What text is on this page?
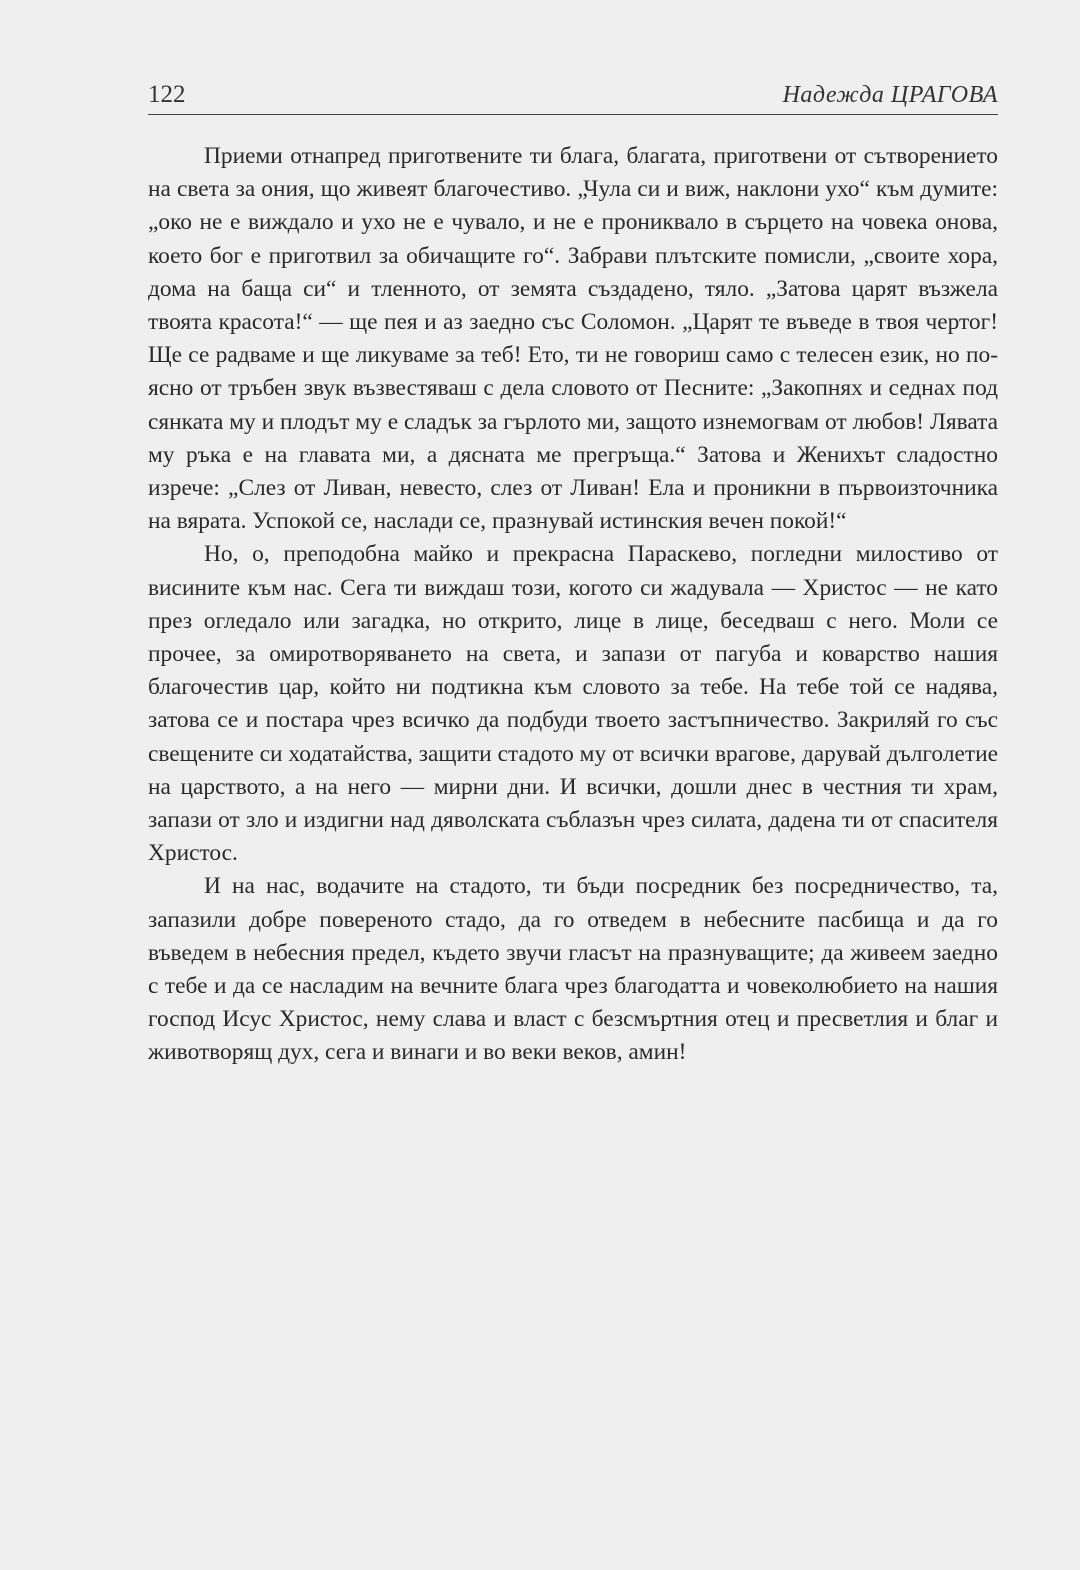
122	Надежда ЦРАГОВА

Приеми отнапред приготвените ти блага, благата, приготвени от сътворението на света за ония, що живеят благочестиво. „Чула си и виж, наклони ухо“ към думите: „око не е виждало и ухо не е чувало, и не е прониквало в сърцето на човека онова, което бог е приготвил за обичащите го“. Забрави плътските помисли, „своите хора, дома на баща си“ и тленното, от земята създадено, тяло. „Затова царят възжела твоята красота!“ — ще пея и аз заедно със Соломон. „Царят те въведе в твоя чертог! Ще се радваме и ще ликуваме за теб! Ето, ти не говориш само с телесен език, но по-ясно от тръбен звук възвестяваш с дела словото от Песните: „Закопнях и седнах под сянката му и плодът му е сладък за гърлото ми, защото изнемогвам от любов! Лявата му ръка е на главата ми, а дясната ме прегръща.“ Затова и Женихът сладостно изрече: „Слез от Ливан, невесто, слез от Ливан! Ела и проникни в първоизточника на вярата. Успокой се, наслади се, празнувай истинския вечен покой!“

Но, о, преподобна майко и прекрасна Параскево, погледни милостиво от висините към нас. Сега ти виждаш този, когото си жадувала — Христос — не като през огледало или загадка, но открито, лице в лице, беседваш с него. Моли се прочее, за омиротворяването на света, и запази от пагуба и коварство нашия благочестив цар, който ни подтикна към словото за тебе. На тебе той се надява, затова се и постара чрез всичко да подбуди твоето застъпничество. Закриляй го със свещените си ходатайства, защити стадото му от всички врагове, дарувай дълголетие на царството, а на него — мирни дни. И всички, дошли днес в честния ти храм, запази от зло и издигни над дяволската съблазън чрез силата, дадена ти от спасителя Христос.

И на нас, водачите на стадото, ти бъди посредник без посредничество, та, запазили добре повереното стадо, да го отведем в небесните пасбища и да го въведем в небесния предел, където звучи гласът на празнуващите; да живеем заедно с тебе и да се насладим на вечните блага чрез благодатта и човеколюбието на нашия господ Исус Христос, нему слава и власт с безсмъртния отец и пресветлия и благ и животворящ дух, сега и винаги и во веки веков, амин!
